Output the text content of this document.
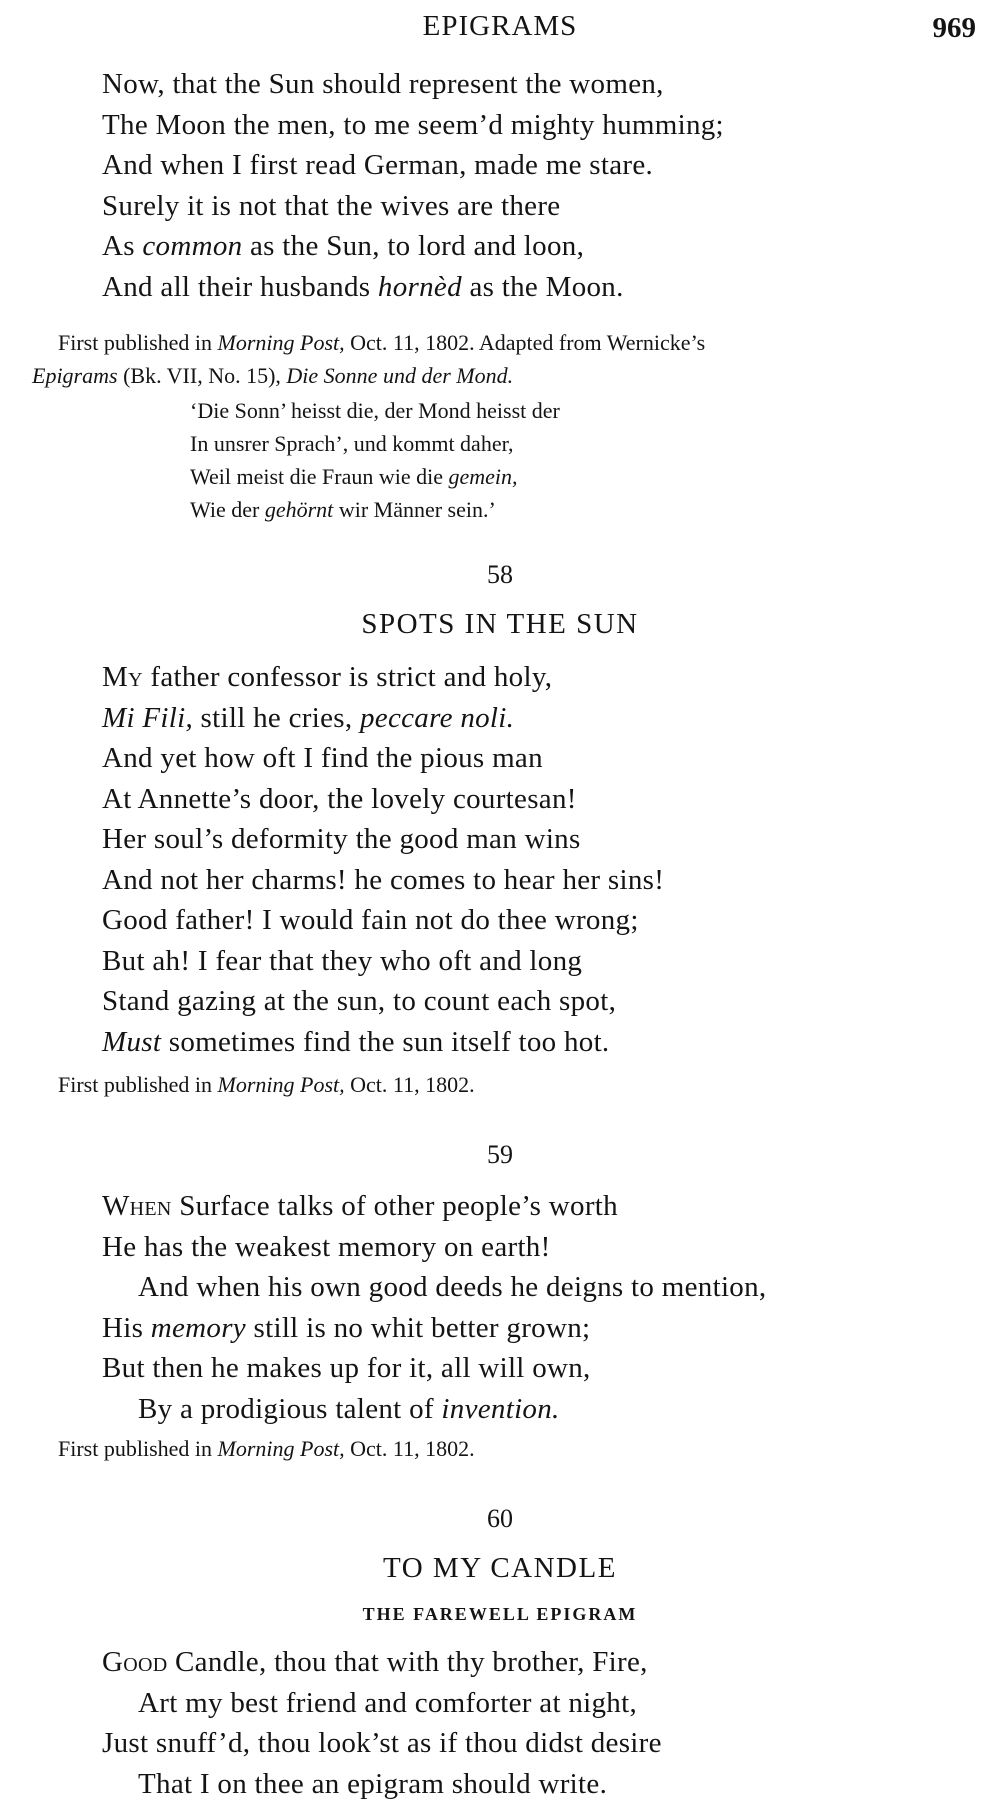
EPIGRAMS	969
Now, that the Sun should represent the women,
The Moon the men, to me seem’d mighty humming;
And when I first read German, made me stare.
Surely it is not that the wives are there
As common as the Sun, to lord and loon,
And all their husbands hornèd as the Moon.
First published in Morning Post, Oct. 11, 1802. Adapted from Wernicke’s
Epigrams (Bk. VII, No. 15), Die Sonne und der Mond.
‘Die Sonn’ heisst die, der Mond heisst der
In unsrer Sprach’, und kommt daher,
Weil meist die Fraun wie die gemein,
Wie der gehörnt wir Männer sein.’
58
SPOTS IN THE SUN
My father confessor is strict and holy,
Mi Fili, still he cries, peccare noli.
And yet how oft I find the pious man
At Annette’s door, the lovely courtesan!
Her soul’s deformity the good man wins
And not her charms! he comes to hear her sins!
Good father! I would fain not do thee wrong;
But ah! I fear that they who oft and long
Stand gazing at the sun, to count each spot,
Must sometimes find the sun itself too hot.
First published in Morning Post, Oct. 11, 1802.
59
When Surface talks of other people’s worth
He has the weakest memory on earth!
And when his own good deeds he deigns to mention,
His memory still is no whit better grown;
But then he makes up for it, all will own,
By a prodigious talent of invention.
First published in Morning Post, Oct. 11, 1802.
60
TO MY CANDLE
THE FAREWELL EPIGRAM
Good Candle, thou that with thy brother, Fire,
Art my best friend and comforter at night,
Just snuff’d, thou look’st as if thou didst desire
That I on thee an epigram should write.
